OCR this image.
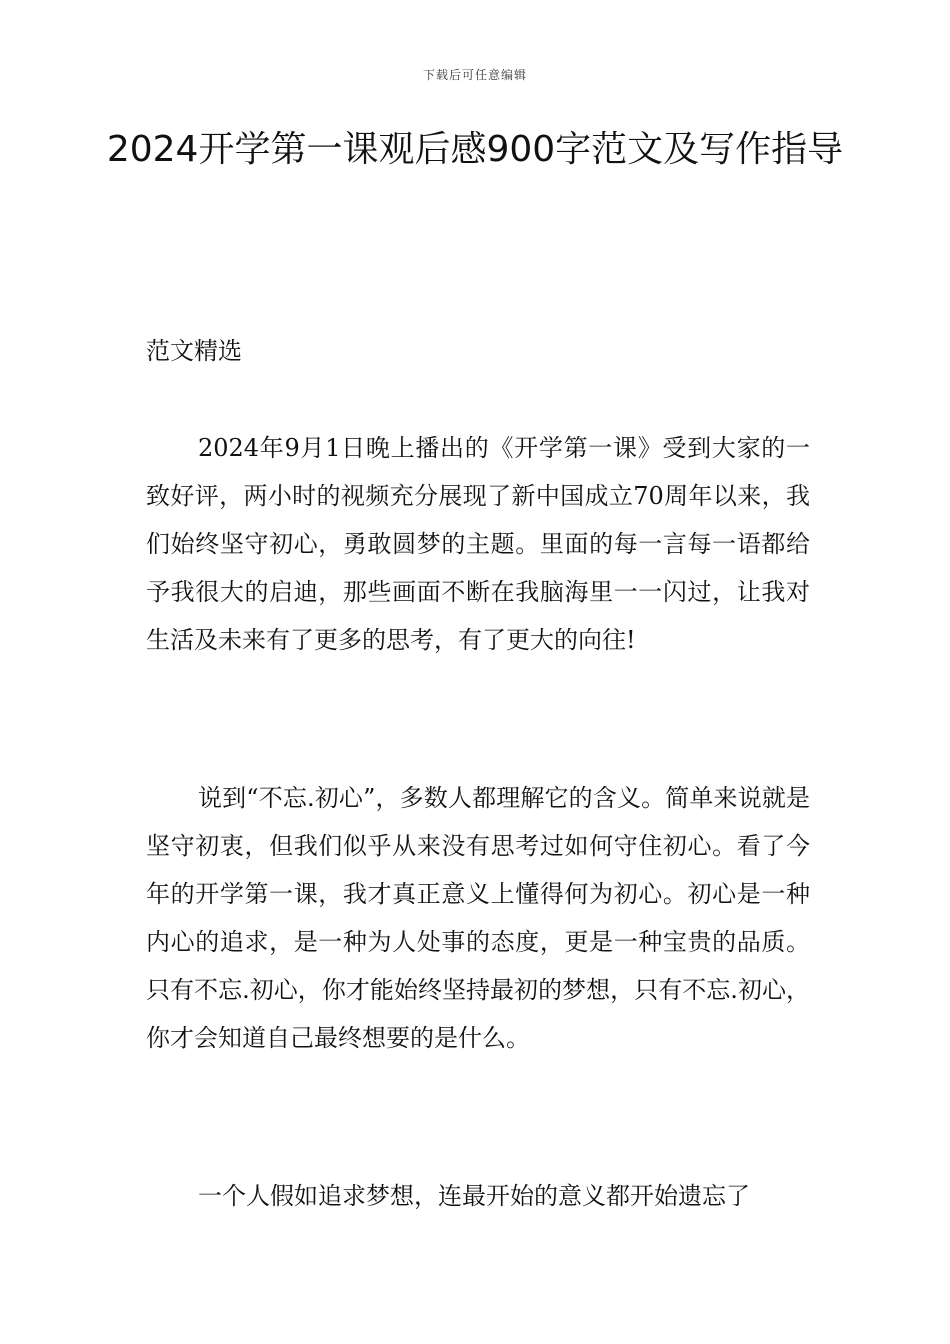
下载后可任意编辑
2024开学第一课观后感900字范文及写作指导
范文精选

2024年9月1日晚上播出的《开学第一课》受到大家的一致好评，两小时的视频充分展现了新中国成立70周年以来，我们始终坚守初心，勇敢圆梦的主题。里面的每一言每一语都给予我很大的启迪，那些画面不断在我脑海里一一闪过，让我对生活及未来有了更多的思考，有了更大的向往!

说到“不忘.初心”，多数人都理解它的含义。简单来说就是坚守初衷，但我们似乎从来没有思考过如何守住初心。看了今年的开学第一课，我才真正意义上懂得何为初心。初心是一种内心的追求，是一种为人处事的态度，更是一种宝贵的品质。只有不忘.初心，你才能始终坚持最初的梦想，只有不忘.初心，你才会知道自己最终想要的是什么。

一个人假如追求梦想，连最开始的意义都开始遗忘了
